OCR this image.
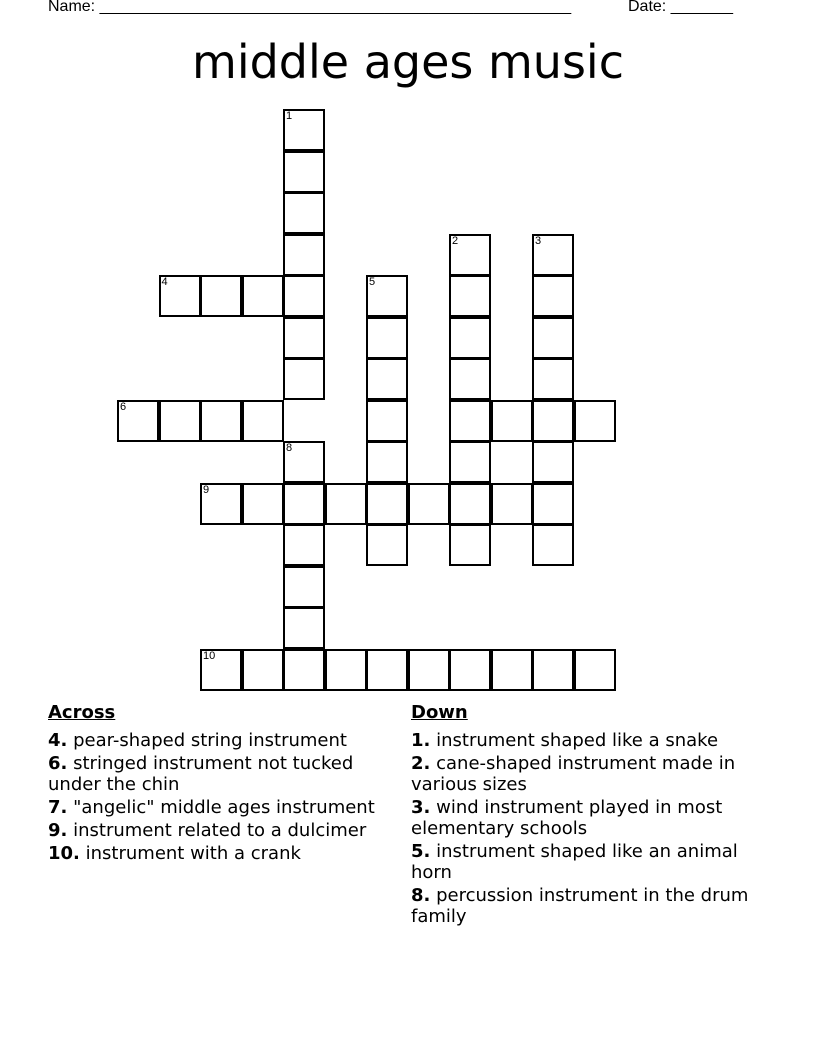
Name: _____________________________________________________	Date: _______
middle ages music
1
2	3
4	5
6
8
9
10
Across
4. pear-shaped string instrument
6. stringed instrument not tucked under the chin
7. "angelic" middle ages instrument
9. instrument related to a dulcimer
10. instrument with a crank
Down
1. instrument shaped like a snake
2. cane-shaped instrument made in various sizes
3. wind instrument played in most elementary schools
5. instrument shaped like an animal horn
8. percussion instrument in the drum family
